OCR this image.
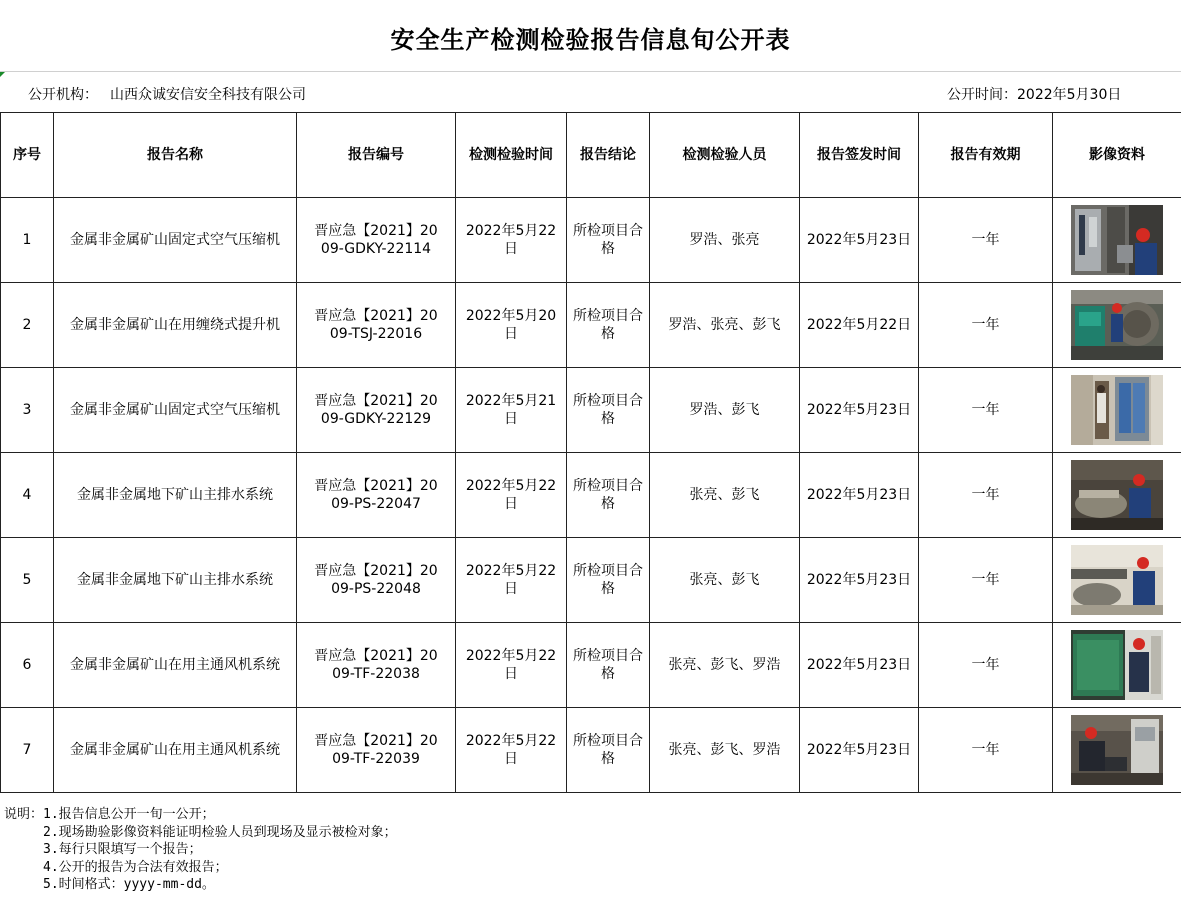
安全生产检测检验报告信息旬公开表
公开机构： 山西众诚安信安全科技有限公司	公开时间：2022年5月30日
序号	报告名称	报告编号	检测检验时间	报告结论	检测检验人员	报告签发时间	报告有效期	影像资料
1	金属非金属矿山固定式空气压缩机	晋应急【2021】20
09-GDKY-22114	2022年5月22日	所检项目合格	罗浩、张亮	2022年5月23日	一年	

2	金属非金属矿山在用缠绕式提升机	晋应急【2021】20
09-TSJ-22016	2022年5月20日	所检项目合格	罗浩、张亮、彭飞	2022年5月22日	一年	

3	金属非金属矿山固定式空气压缩机	晋应急【2021】20
09-GDKY-22129	2022年5月21日	所检项目合格	罗浩、彭飞	2022年5月23日	一年	

4	金属非金属地下矿山主排水系统	晋应急【2021】20
09-PS-22047	2022年5月22日	所检项目合格	张亮、彭飞	2022年5月23日	一年	

5	金属非金属地下矿山主排水系统	晋应急【2021】20
09-PS-22048	2022年5月22日	所检项目合格	张亮、彭飞	2022年5月23日	一年	

6	金属非金属矿山在用主通风机系统	晋应急【2021】20
09-TF-22038	2022年5月22日	所检项目合格	张亮、彭飞、罗浩	2022年5月23日	一年	

7	金属非金属矿山在用主通风机系统	晋应急【2021】20
09-TF-22039	2022年5月22日	所检项目合格	张亮、彭飞、罗浩	2022年5月23日	一年	
说明：1.报告信息公开一旬一公开；
2.现场勘验影像资料能证明检验人员到现场及显示被检对象；
3.每行只限填写一个报告；
4.公开的报告为合法有效报告；
5.时间格式：yyyy-mm-dd。
